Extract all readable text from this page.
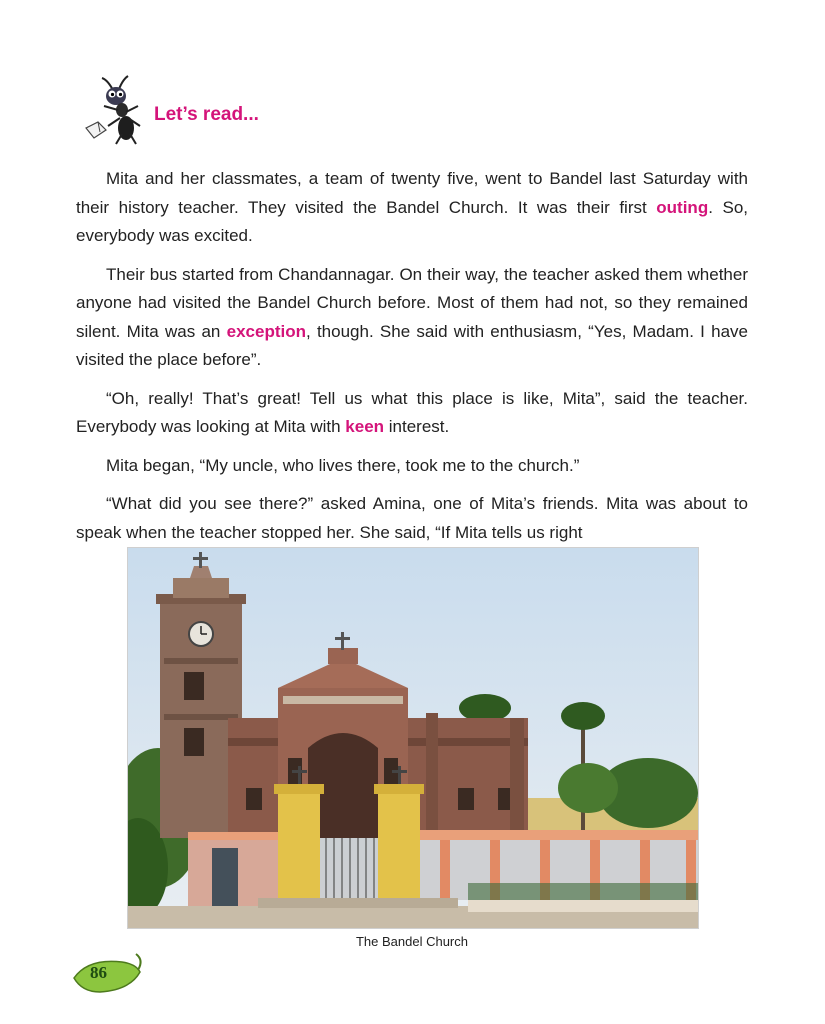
Let’s read...

Mita and her classmates, a team of twenty five, went to Bandel last Saturday with their history teacher. They visited the Bandel Church. It was their first outing. So, everybody was excited.

Their bus started from Chandannagar. On their way, the teacher asked them whether anyone had visited the Bandel Church before. Most of them had not, so they remained silent. Mita was an exception, though. She said with enthusiasm, “Yes, Madam. I have visited the place before”.

“Oh, really! That’s great! Tell us what this place is like, Mita”, said the teacher. Everybody was looking at Mita with keen interest.

Mita began, “My uncle, who lives there, took me to the church.”

“What did you see there?” asked Amina, one of Mita’s friends. Mita was about to speak when the teacher stopped her. She said, “If Mita tells us right

The Bandel Church
86
